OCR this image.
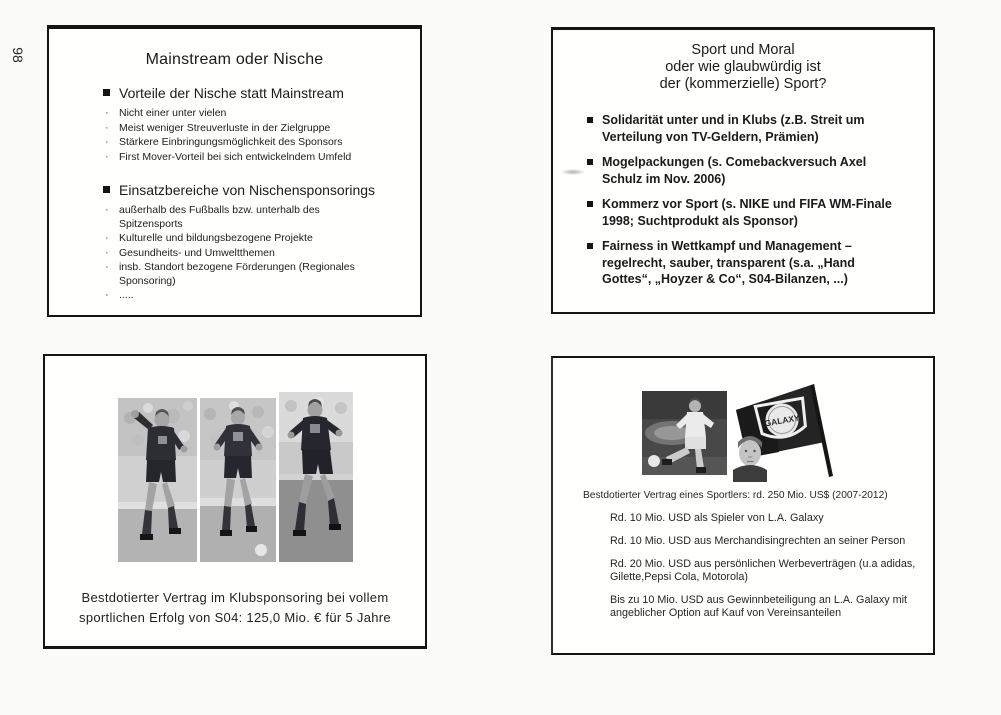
98	Mainstream oder Nische
Vorteile der Nische statt Mainstream
· Nicht einer unter vielen
· Meist weniger Streuverluste in der Zielgruppe
· Stärkere Einbringungsmöglichkeit des Sponsors
· First Mover-Vorteil bei sich entwickelndem Umfeld
Einsatzbereiche von Nischensponsorings
· außerhalb des Fußballs bzw. unterhalb des Spitzensports
· Kulturelle und bildungsbezogene Projekte
· Gesundheits- und Umweltthemen
· insb. Standort bezogene Förderungen (Regionales Sponsoring)
· .....
Sport und Moral
oder wie glaubwürdig ist
der (kommerzielle) Sport?
Solidarität unter und in Klubs (z.B. Streit um Verteilung von TV-Geldern, Prämien)
Mogelpackungen (s. Comebackversuch Axel Schulz im Nov. 2006)
Kommerz vor Sport (s. NIKE und FIFA WM-Finale 1998; Suchtprodukt als Sponsor)
Fairness in Wettkampf und Management – regelrecht, sauber, transparent (s.a. „Hand Gottes“, „Hoyzer & Co“, S04-Bilanzen, ...)
Bestdotierter Vertrag im Klubsponsoring bei vollem
sportlichen Erfolg von S04: 125,0 Mio. € für 5 Jahre
GALAXY
Bestdotierter Vertrag eines Sportlers: rd. 250 Mio. US$ (2007-2012)

Rd. 10 Mio. USD als Spieler von L.A. Galaxy

Rd. 10 Mio. USD aus Merchandisingrechten an seiner Person

Rd. 20 Mio. USD aus persönlichen Werbeverträgen (u.a adidas, Gilette,Pepsi Cola, Motorola)

Bis zu 10 Mio. USD aus Gewinnbeteiligung an L.A. Galaxy mit angeblicher Option auf Kauf von Vereinsanteilen
